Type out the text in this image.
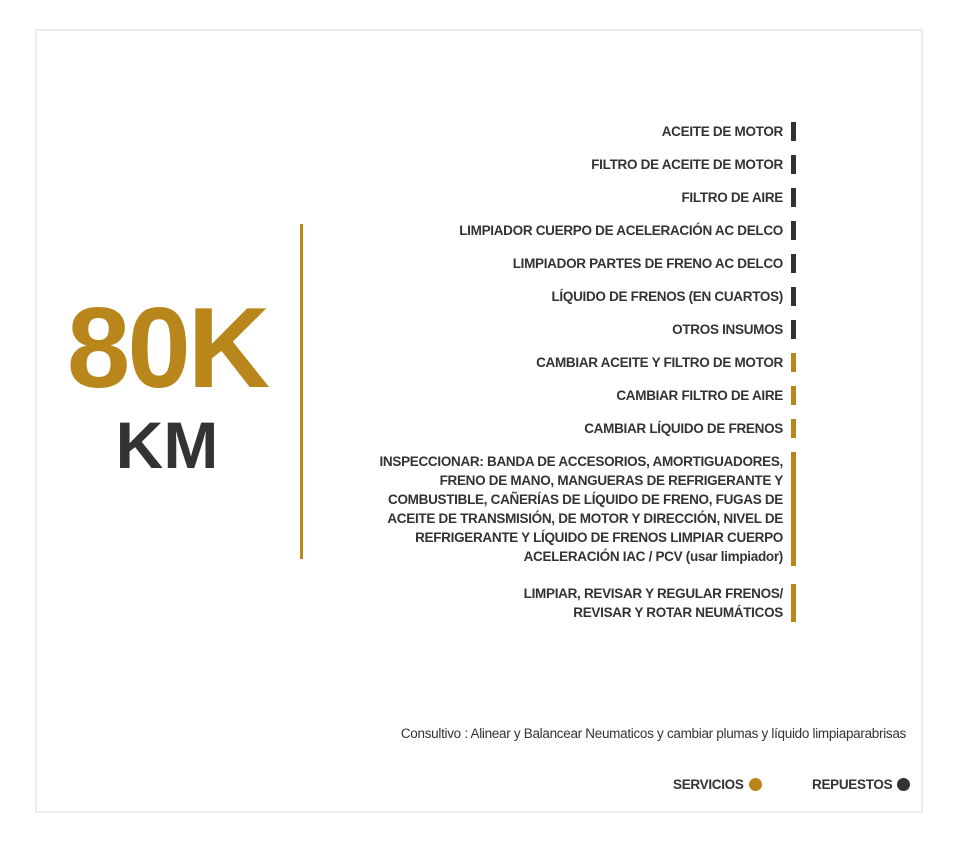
80K
KM
ACEITE DE MOTOR
FILTRO DE ACEITE DE MOTOR
FILTRO DE AIRE
LIMPIADOR CUERPO DE ACELERACIÓN AC DELCO
LIMPIADOR PARTES DE FRENO AC DELCO
LÍQUIDO DE FRENOS (EN CUARTOS)
OTROS INSUMOS
CAMBIAR ACEITE Y FILTRO DE MOTOR
CAMBIAR FILTRO DE AIRE
CAMBIAR LÍQUIDO DE FRENOS
INSPECCIONAR: BANDA DE ACCESORIOS, AMORTIGUADORES, FRENO DE MANO, MANGUERAS DE REFRIGERANTE Y COMBUSTIBLE, CAÑERÍAS DE LÍQUIDO DE FRENO, FUGAS DE ACEITE DE TRANSMISIÓN, DE MOTOR Y DIRECCIÓN, NIVEL DE REFRIGERANTE Y LÍQUIDO DE FRENOS LIMPIAR CUERPO ACELERACIÓN IAC / PCV (usar limpiador)
LIMPIAR, REVISAR Y REGULAR FRENOS/ REVISAR Y ROTAR NEUMÁTICOS
Consultivo : Alinear y Balancear Neumaticos y cambiar plumas y líquido limpiaparabrisas
SERVICIOS	REPUESTOS
